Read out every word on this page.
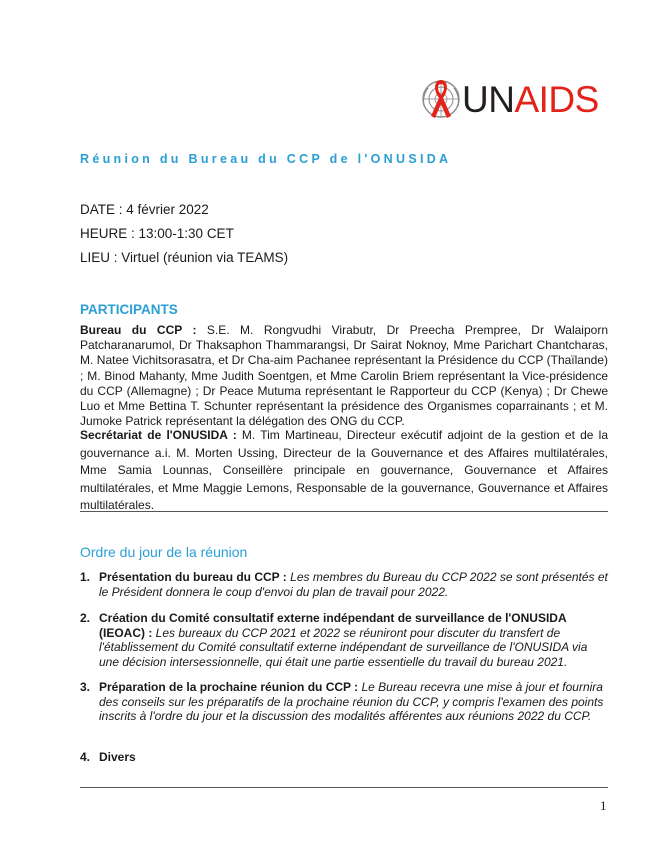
UNAIDS
Réunion du Bureau du CCP de l'ONUSIDA
DATE : 4 février 2022
HEURE : 13:00-1:30 CET
LIEU : Virtuel (réunion via TEAMS)
PARTICIPANTS
Bureau du CCP : S.E. M. Rongvudhi Virabutr, Dr Preecha Prempree, Dr Walaiporn Patcharanarumol, Dr Thaksaphon Thammarangsi, Dr Sairat Noknoy, Mme Parichart Chantcharas, M. Natee Vichitsorasatra, et Dr Cha-aim Pachanee représentant la Présidence du CCP (Thaïlande) ; M. Binod Mahanty, Mme Judith Soentgen, et Mme Carolin Briem représentant la Vice-présidence du CCP (Allemagne) ; Dr Peace Mutuma représentant le Rapporteur du CCP (Kenya) ; Dr Chewe Luo et Mme Bettina T. Schunter représentant la présidence des Organismes coparrainants ; et M. Jumoke Patrick représentant la délégation des ONG du CCP.
Secrétariat de l'ONUSIDA : M. Tim Martineau, Directeur exécutif adjoint de la gestion et de la gouvernance a.i. M. Morten Ussing, Directeur de la Gouvernance et des Affaires multilatérales, Mme Samia Lounnas, Conseillère principale en gouvernance, Gouvernance et Affaires multilatérales, et Mme Maggie Lemons, Responsable de la gouvernance, Gouvernance et Affaires multilatérales.
Ordre du jour de la réunion
1. Présentation du bureau du CCP : Les membres du Bureau du CCP 2022 se sont présentés et le Président donnera le coup d'envoi du plan de travail pour 2022.
2. Création du Comité consultatif externe indépendant de surveillance de l'ONUSIDA (IEOAC) : Les bureaux du CCP 2021 et 2022 se réuniront pour discuter du transfert de l'établissement du Comité consultatif externe indépendant de surveillance de l'ONUSIDA via une décision intersessionnelle, qui était une partie essentielle du travail du bureau 2021.
3. Préparation de la prochaine réunion du CCP : Le Bureau recevra une mise à jour et fournira des conseils sur les préparatifs de la prochaine réunion du CCP, y compris l'examen des points inscrits à l'ordre du jour et la discussion des modalités afférentes aux réunions 2022 du CCP.
4. Divers
1
